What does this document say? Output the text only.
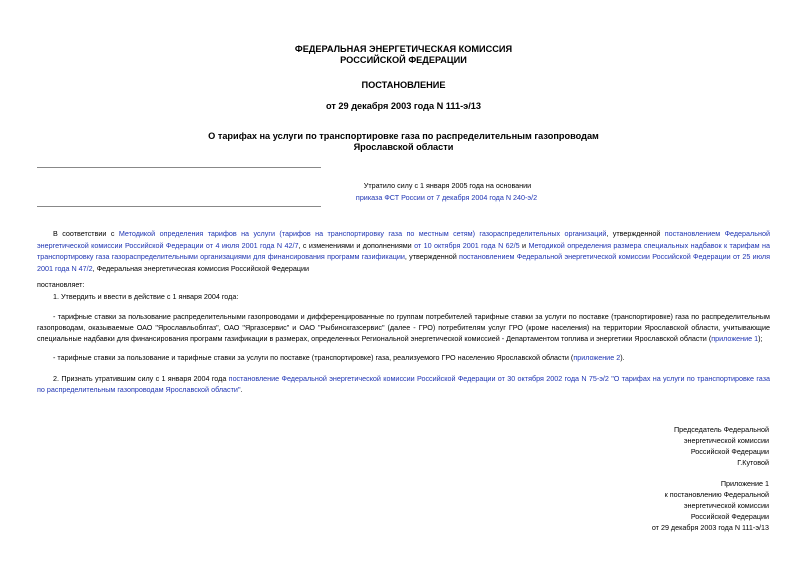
ФЕДЕРАЛЬНАЯ ЭНЕРГЕТИЧЕСКАЯ КОМИССИЯ
РОССИЙСКОЙ ФЕДЕРАЦИИ
ПОСТАНОВЛЕНИЕ
от 29 декабря 2003 года N 111-э/13
О тарифах на услуги по транспортировке газа по распределительным газопроводам
Ярославской области
Утратило силу с 1 января 2005 года на основании
приказа ФСТ России от 7 декабря 2004 года N 240-э/2
В соответствии с Методикой определения тарифов на услуги (тарифов на транспортировку газа по местным сетям) газораспределительных организаций, утвержденной постановлением Федеральной энергетической комиссии Российской Федерации от 4 июля 2001 года N 42/7, с изменениями и дополнениями от 10 октября 2001 года N 62/5 и Методикой определения размера специальных надбавок к тарифам на транспортировку газа газораспределительными организациями для финансирования программ газификации, утвержденной постановлением Федеральной энергетической комиссии Российской Федерации от 25 июля 2001 года N 47/2, Федеральная энергетическая комиссия Российской Федерации
постановляет:
1. Утвердить и ввести в действие с 1 января 2004 года:
- тарифные ставки за пользование распределительными газопроводами и дифференцированные по группам потребителей тарифные ставки за услуги по поставке (транспортировке) газа по распределительным газопроводам, оказываемые ОАО "Ярославльоблгаз", ОАО "Яргазсервис" и ОАО "Рыбинскгазсервис" (далее - ГРО) потребителям услуг ГРО (кроме населения) на территории Ярославской области, учитывающие специальные надбавки для финансирования программ газификации в размерах, определенных Региональной энергетической комиссией - Департаментом топлива и энергетики Ярославской области (приложение 1);
- тарифные ставки за пользование и тарифные ставки за услуги по поставке (транспортировке) газа, реализуемого ГРО населению Ярославской области (приложение 2).
2. Признать утратившим силу с 1 января 2004 года постановление Федеральной энергетической комиссии Российской Федерации от 30 октября 2002 года N 75-э/2 "О тарифах на услуги по транспортировке газа по распределительным газопроводам Ярославской области".
Председатель Федеральной
энергетической комиссии
Российской Федерации
Г.Кутовой
Приложение 1
к постановлению Федеральной
энергетической комиссии
Российской Федерации
от 29 декабря 2003 года N 111-э/13
